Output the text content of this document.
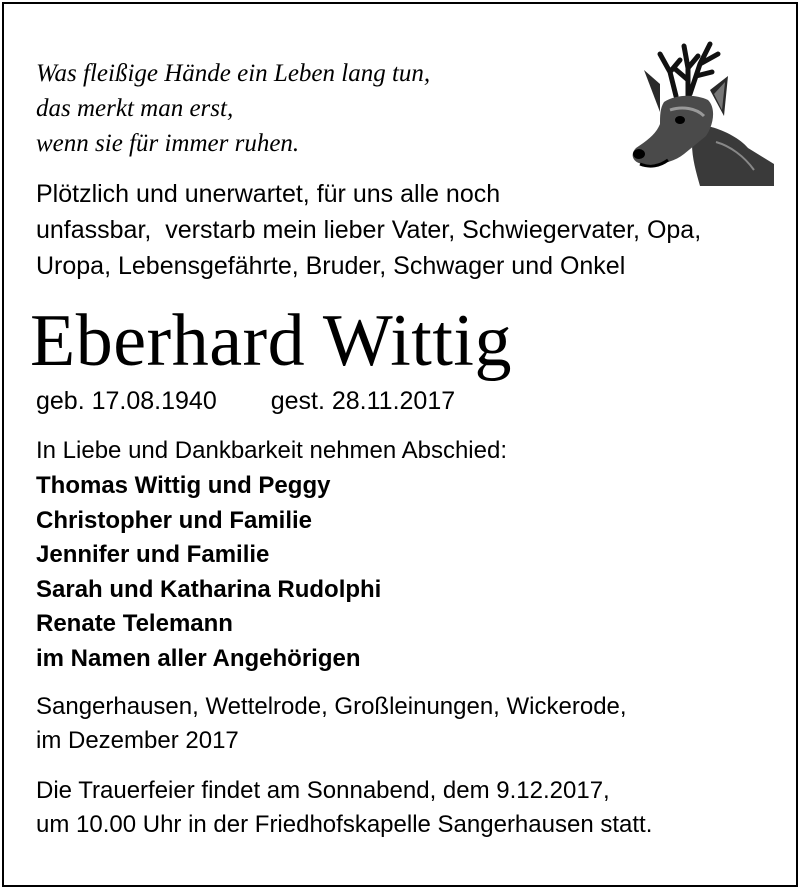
Was fleißige Hände ein Leben lang tun,
das merkt man erst,
wenn sie für immer ruhen.
Plötzlich und unerwartet, für uns alle noch
unfassbar,  verstarb mein lieber Vater, Schwiegervater, Opa,
Uropa, Lebensgefährte, Bruder, Schwager und Onkel
Eberhard Wittig
geb. 17.08.1940 gest. 28.11.2017
In Liebe und Dankbarkeit nehmen Abschied:
Thomas Wittig und Peggy
Christopher und Familie
Jennifer und Familie
Sarah und Katharina Rudolphi
Renate Telemann
im Namen aller Angehörigen
Sangerhausen, Wettelrode, Großleinungen, Wickerode,
im Dezember 2017
Die Trauerfeier findet am Sonnabend, dem 9.12.2017,
um 10.00 Uhr in der Friedhofskapelle Sangerhausen statt.
